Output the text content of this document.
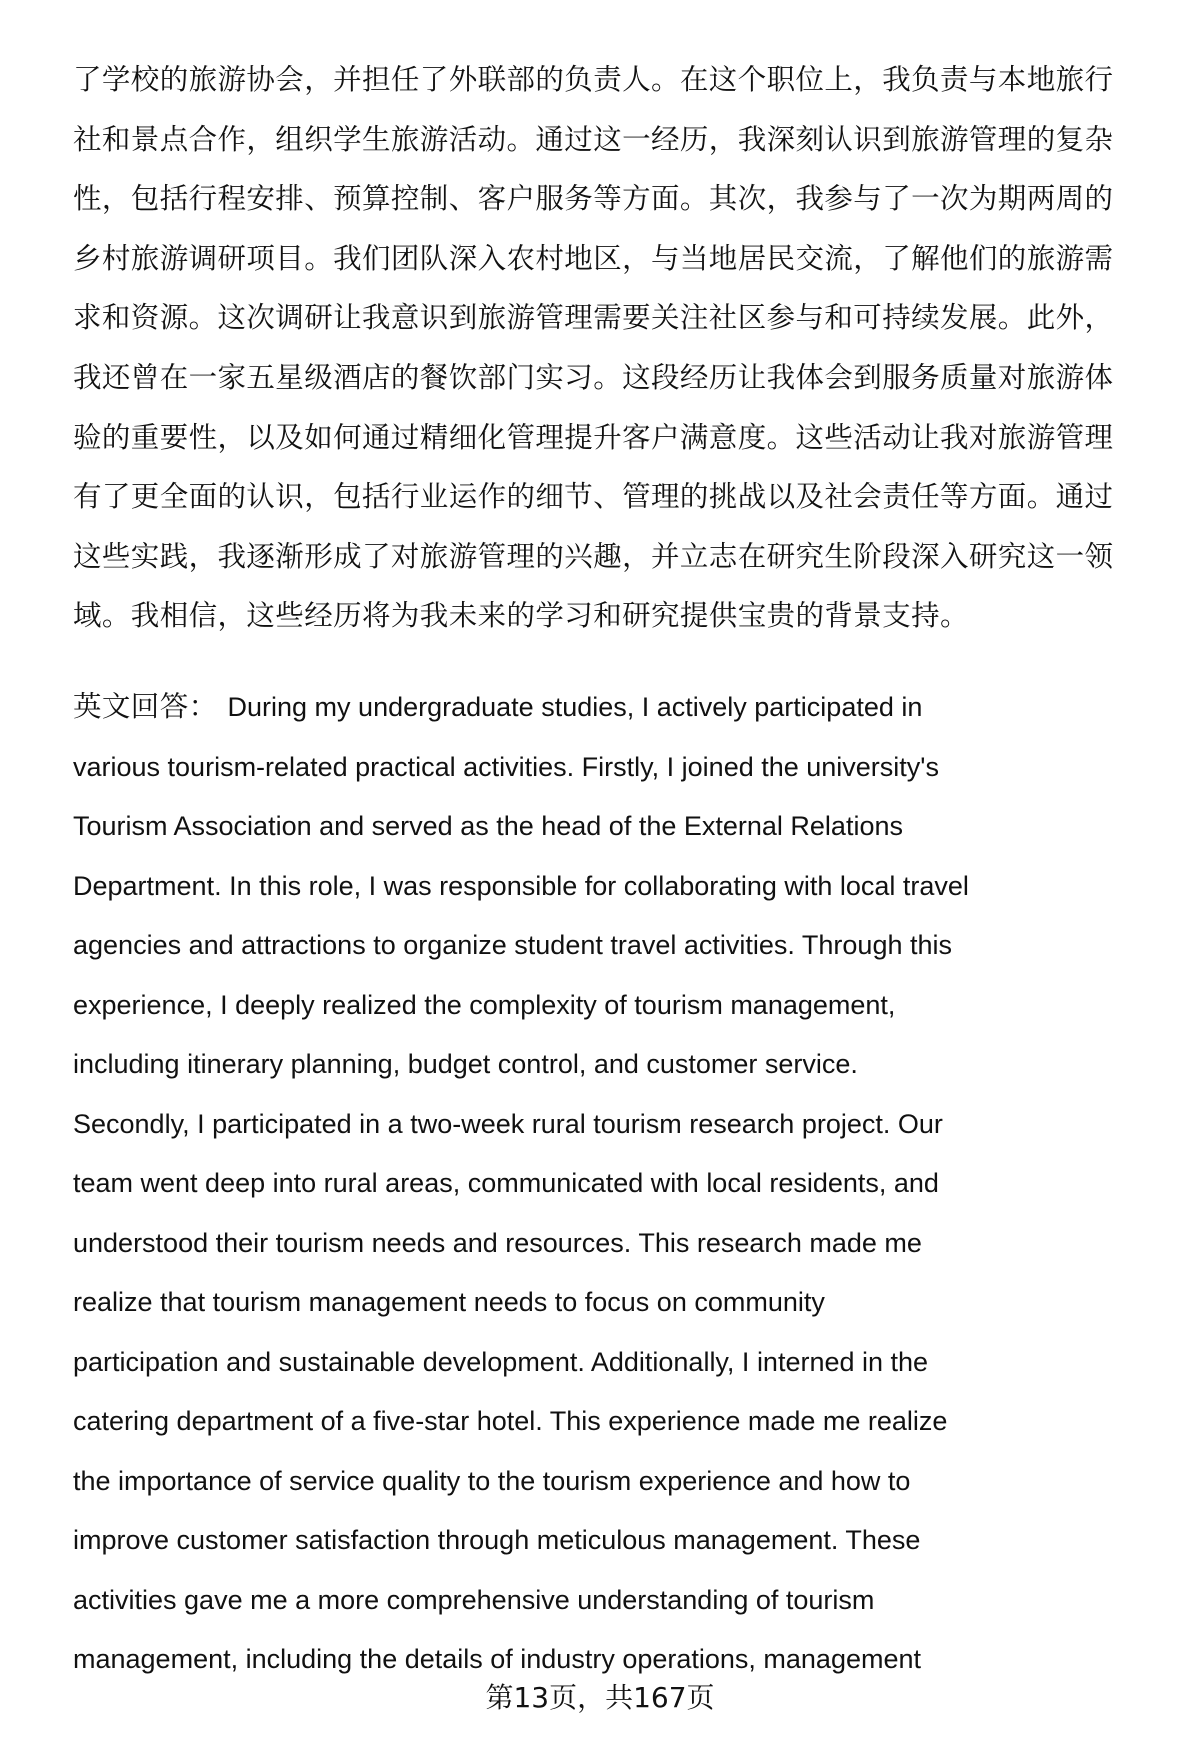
了学校的旅游协会，并担任了外联部的负责人。在这个职位上，我负责与本地旅行
社和景点合作，组织学生旅游活动。通过这一经历，我深刻认识到旅游管理的复杂
性，包括行程安排、预算控制、客户服务等方面。其次，我参与了一次为期两周的
乡村旅游调研项目。我们团队深入农村地区，与当地居民交流，了解他们的旅游需
求和资源。这次调研让我意识到旅游管理需要关注社区参与和可持续发展。此外，
我还曾在一家五星级酒店的餐饮部门实习。这段经历让我体会到服务质量对旅游体
验的重要性，以及如何通过精细化管理提升客户满意度。这些活动让我对旅游管理
有了更全面的认识，包括行业运作的细节、管理的挑战以及社会责任等方面。通过
这些实践，我逐渐形成了对旅游管理的兴趣，并立志在研究生阶段深入研究这一领
域。我相信，这些经历将为我未来的学习和研究提供宝贵的背景支持。
英文回答： During my undergraduate studies, I actively participated in
various tourism-related practical activities. Firstly, I joined the university's
Tourism Association and served as the head of the External Relations
Department. In this role, I was responsible for collaborating with local travel
agencies and attractions to organize student travel activities. Through this
experience, I deeply realized the complexity of tourism management,
including itinerary planning, budget control, and customer service.
Secondly, I participated in a two-week rural tourism research project. Our
team went deep into rural areas, communicated with local residents, and
understood their tourism needs and resources. This research made me
realize that tourism management needs to focus on community
participation and sustainable development. Additionally, I interned in the
catering department of a five-star hotel. This experience made me realize
the importance of service quality to the tourism experience and how to
improve customer satisfaction through meticulous management. These
activities gave me a more comprehensive understanding of tourism
management, including the details of industry operations, management
第13页，共167页
